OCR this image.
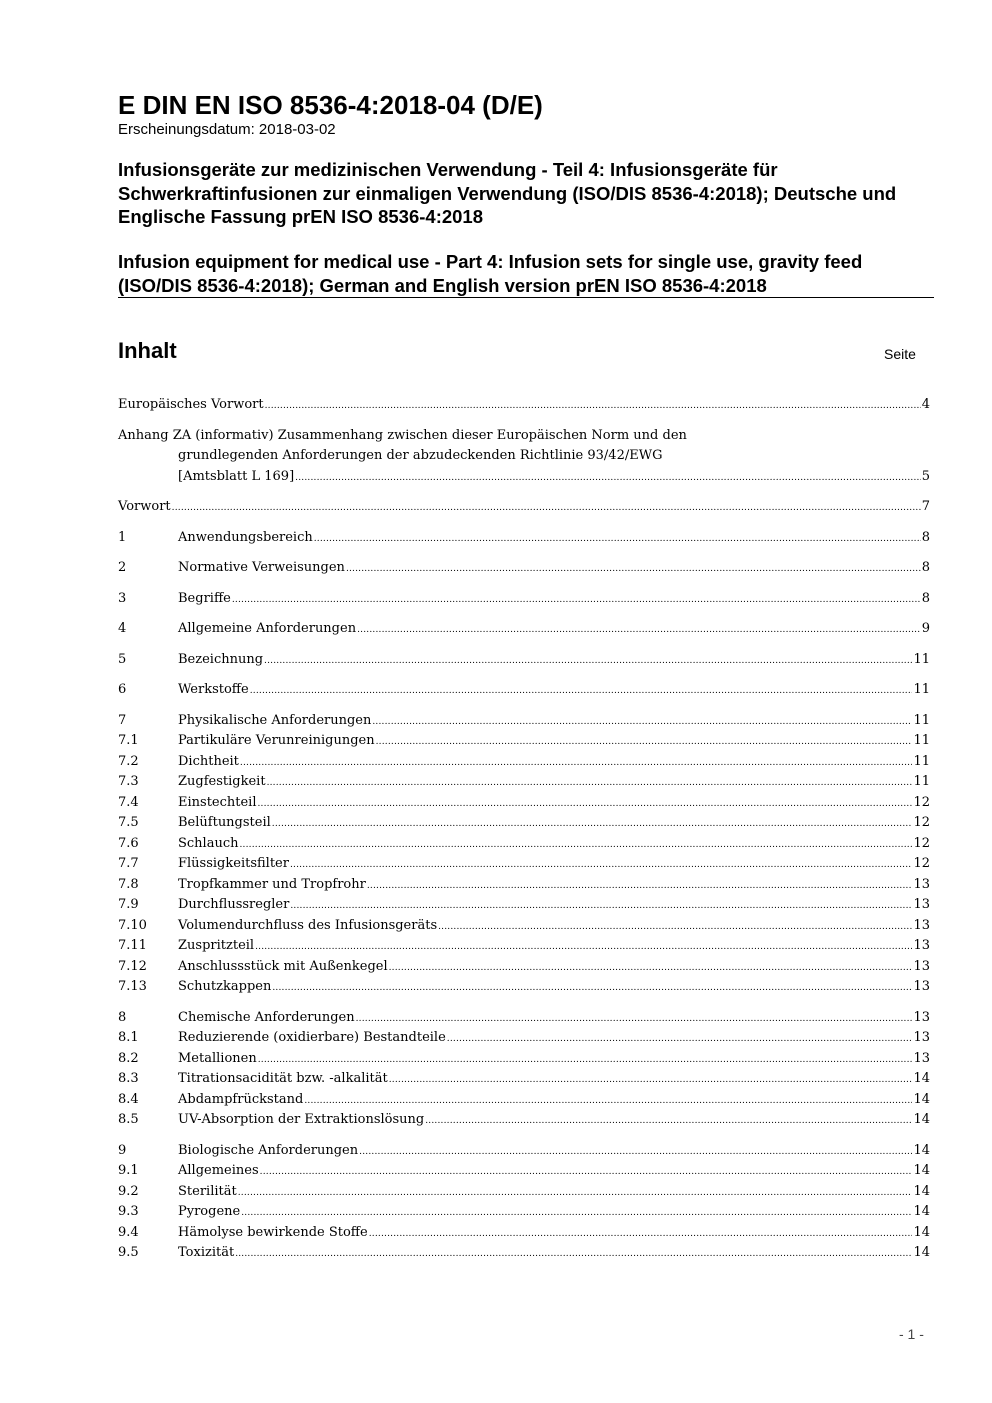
E DIN EN ISO 8536-4:2018-04 (D/E)
Erscheinungsdatum: 2018-03-02
Infusionsgeräte zur medizinischen Verwendung - Teil 4: Infusionsgeräte für Schwerkraftinfusionen zur einmaligen Verwendung (ISO/DIS 8536-4:2018); Deutsche und Englische Fassung prEN ISO 8536-4:2018
Infusion equipment for medical use - Part 4: Infusion sets for single use, gravity feed (ISO/DIS 8536-4:2018); German and English version prEN ISO 8536-4:2018
Inhalt	Seite
Europäisches Vorwort .....	4
Anhang ZA (informativ) Zusammenhang zwischen dieser Europäischen Norm und den
grundlegenden Anforderungen der abzudeckenden Richtlinie 93/42/EWG
[Amtsblatt L 169] .....	5
Vorwort .....	7
1	Anwendungsbereich .....	8
2	Normative Verweisungen .....	8
3	Begriffe .....	8
4	Allgemeine Anforderungen .....	9
5	Bezeichnung .....	11
6	Werkstoffe .....	11
7	Physikalische Anforderungen .....	11
7.1	Partikuläre Verunreinigungen .....	11
7.2	Dichtheit .....	11
7.3	Zugfestigkeit .....	11
7.4	Einstechteil .....	12
7.5	Belüftungsteil .....	12
7.6	Schlauch .....	12
7.7	Flüssigkeitsfilter .....	12
7.8	Tropfkammer und Tropfrohr .....	13
7.9	Durchflussregler .....	13
7.10	Volumendurchfluss des Infusionsgeräts .....	13
7.11	Zuspritzteil .....	13
7.12	Anschlussstück mit Außenkegel .....	13
7.13	Schutzkappen .....	13
8	Chemische Anforderungen .....	13
8.1	Reduzierende (oxidierbare) Bestandteile .....	13
8.2	Metallionen .....	13
8.3	Titrationsacidität bzw. -alkalität .....	14
8.4	Abdampfrückstand .....	14
8.5	UV-Absorption der Extraktionslösung .....	14
9	Biologische Anforderungen .....	14
9.1	Allgemeines .....	14
9.2	Sterilität .....	14
9.3	Pyrogene .....	14
9.4	Hämolyse bewirkende Stoffe .....	14
9.5	Toxizität .....	14
- 1 -
